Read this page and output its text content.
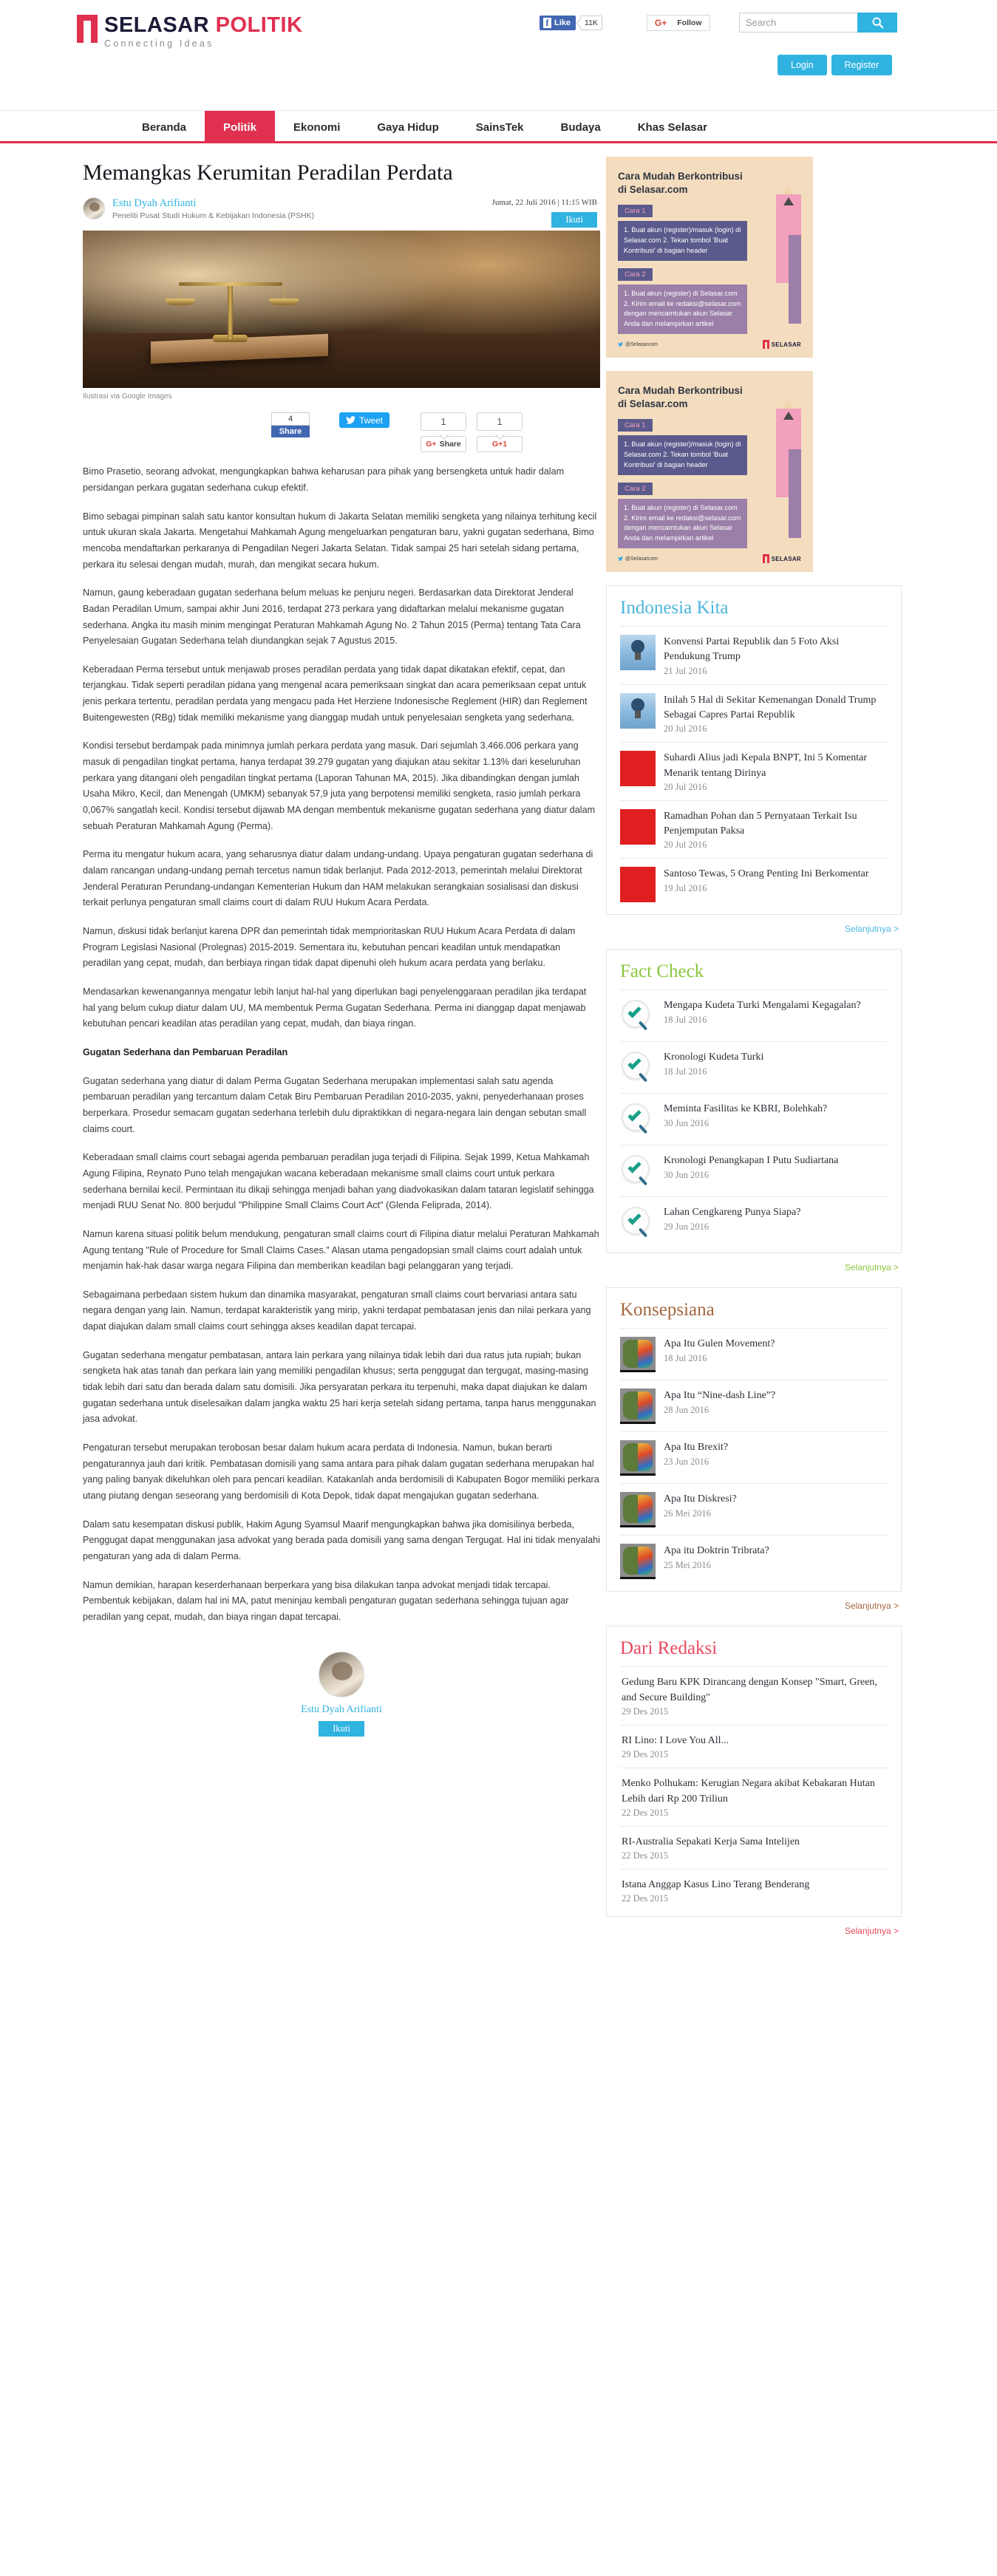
SELASAR POLITIK
Connecting Ideas
f Like	11K	G+ Follow
Search
Login	Register
Beranda	Politik	Ekonomi	Gaya Hidup	SainsTek	Budaya	Khas Selasar
Memangkas Kerumitan Peradilan Perdata
Estu Dyah Arifianti
Peneliti Pusat Studi Hukum & Kebijakan Indonesia (PSHK)
Jumat, 22 Juli 2016 | 11:15 WIB
Ikuti
Ilustrasi via Google Images
4
Share
Tweet	1
G+ Share
1
G+1

Bimo Prasetio, seorang advokat, mengungkapkan bahwa keharusan para pihak yang bersengketa untuk hadir dalam persidangan perkara gugatan sederhana cukup efektif.

Bimo sebagai pimpinan salah satu kantor konsultan hukum di Jakarta Selatan memiliki sengketa yang nilainya terhitung kecil untuk ukuran skala Jakarta. Mengetahui Mahkamah Agung mengeluarkan pengaturan baru, yakni gugatan sederhana, Bimo mencoba mendaftarkan perkaranya di Pengadilan Negeri Jakarta Selatan. Tidak sampai 25 hari setelah sidang pertama, perkara itu selesai dengan mudah, murah, dan mengikat secara hukum.

Namun, gaung keberadaan gugatan sederhana belum meluas ke penjuru negeri. Berdasarkan data Direktorat Jenderal Badan Peradilan Umum, sampai akhir Juni 2016, terdapat 273 perkara yang didaftarkan melalui mekanisme gugatan sederhana. Angka itu masih minim mengingat Peraturan Mahkamah Agung No. 2 Tahun 2015 (Perma) tentang Tata Cara Penyelesaian Gugatan Sederhana telah diundangkan sejak 7 Agustus 2015.

Keberadaan Perma tersebut untuk menjawab proses peradilan perdata yang tidak dapat dikatakan efektif, cepat, dan terjangkau. Tidak seperti peradilan pidana yang mengenal acara pemeriksaan singkat dan acara pemeriksaan cepat untuk jenis perkara tertentu, peradilan perdata yang mengacu pada Het Herziene Indonesische Reglement (HIR) dan Reglement Buitengewesten (RBg) tidak memiliki mekanisme yang dianggap mudah untuk penyelesaian sengketa yang sederhana.

Kondisi tersebut berdampak pada minimnya jumlah perkara perdata yang masuk. Dari sejumlah 3.466.006 perkara yang masuk di pengadilan tingkat pertama, hanya terdapat 39.279 gugatan yang diajukan atau sekitar 1.13% dari keseluruhan perkara yang ditangani oleh pengadilan tingkat pertama (Laporan Tahunan MA, 2015). Jika dibandingkan dengan jumlah Usaha Mikro, Kecil, dan Menengah (UMKM) sebanyak 57,9 juta yang berpotensi memiliki sengketa, rasio jumlah perkara 0,067% sangatlah kecil. Kondisi tersebut dijawab MA dengan membentuk mekanisme gugatan sederhana yang diatur dalam sebuah Peraturan Mahkamah Agung (Perma).

Perma itu mengatur hukum acara, yang seharusnya diatur dalam undang-undang. Upaya pengaturan gugatan sederhana di dalam rancangan undang-undang pernah tercetus namun tidak berlanjut. Pada 2012-2013, pemerintah melalui Direktorat Jenderal Peraturan Perundang-undangan Kementerian Hukum dan HAM melakukan serangkaian sosialisasi dan diskusi terkait perlunya pengaturan small claims court di dalam RUU Hukum Acara Perdata.

Namun, diskusi tidak berlanjut karena DPR dan pemerintah tidak memprioritaskan RUU Hukum Acara Perdata di dalam Program Legislasi Nasional (Prolegnas) 2015-2019. Sementara itu, kebutuhan pencari keadilan untuk mendapatkan peradilan yang cepat, mudah, dan berbiaya ringan tidak dapat dipenuhi oleh hukum acara perdata yang berlaku.

Mendasarkan kewenangannya mengatur lebih lanjut hal-hal yang diperlukan bagi penyelenggaraan peradilan jika terdapat hal yang belum cukup diatur dalam UU, MA membentuk Perma Gugatan Sederhana. Perma ini dianggap dapat menjawab kebutuhan pencari keadilan atas peradilan yang cepat, mudah, dan biaya ringan.

Gugatan Sederhana dan Pembaruan Peradilan

Gugatan sederhana yang diatur di dalam Perma Gugatan Sederhana merupakan implementasi salah satu agenda pembaruan peradilan yang tercantum dalam Cetak Biru Pembaruan Peradilan 2010-2035, yakni, penyederhanaan proses berperkara. Prosedur semacam gugatan sederhana terlebih dulu dipraktikkan di negara-negara lain dengan sebutan small claims court.

Keberadaan small claims court sebagai agenda pembaruan peradilan juga terjadi di Filipina. Sejak 1999, Ketua Mahkamah Agung Filipina, Reynato Puno telah mengajukan wacana keberadaan mekanisme small claims court untuk perkara sederhana bernilai kecil. Permintaan itu dikaji sehingga menjadi bahan yang diadvokasikan dalam tataran legislatif sehingga menjadi RUU Senat No. 800 berjudul "Philippine Small Claims Court Act" (Glenda Feliprada, 2014).

Namun karena situasi politik belum mendukung, pengaturan small claims court di Filipina diatur melalui Peraturan Mahkamah Agung tentang "Rule of Procedure for Small Claims Cases." Alasan utama pengadopsian small claims court adalah untuk menjamin hak-hak dasar warga negara Filipina dan memberikan keadilan bagi pelanggaran yang terjadi.

Sebagaimana perbedaan sistem hukum dan dinamika masyarakat, pengaturan small claims court bervariasi antara satu negara dengan yang lain. Namun, terdapat karakteristik yang mirip, yakni terdapat pembatasan jenis dan nilai perkara yang dapat diajukan dalam small claims court sehingga akses keadilan dapat tercapai.

Gugatan sederhana mengatur pembatasan, antara lain perkara yang nilainya tidak lebih dari dua ratus juta rupiah; bukan sengketa hak atas tanah dan perkara lain yang memiliki pengadilan khusus; serta penggugat dan tergugat, masing-masing tidak lebih dari satu dan berada dalam satu domisili. Jika persyaratan perkara itu terpenuhi, maka dapat diajukan ke dalam gugatan sederhana untuk diselesaikan dalam jangka waktu 25 hari kerja setelah sidang pertama, tanpa harus menggunakan jasa advokat.

Pengaturan tersebut merupakan terobosan besar dalam hukum acara perdata di Indonesia. Namun, bukan berarti pengaturannya jauh dari kritik. Pembatasan domisili yang sama antara para pihak dalam gugatan sederhana merupakan hal yang paling banyak dikeluhkan oleh para pencari keadilan. Katakanlah anda berdomisili di Kabupaten Bogor memiliki perkara utang piutang dengan seseorang yang berdomisili di Kota Depok, tidak dapat mengajukan gugatan sederhana.

Dalam satu kesempatan diskusi publik, Hakim Agung Syamsul Maarif mengungkapkan bahwa jika domisilinya berbeda, Penggugat dapat menggunakan jasa advokat yang berada pada domisili yang sama dengan Tergugat. Hal ini tidak menyalahi pengaturan yang ada di dalam Perma.

Namun demikian, harapan keserderhanaan berperkara yang bisa dilakukan tanpa advokat menjadi tidak tercapai. Pembentuk kebijakan, dalam hal ini MA, patut meninjau kembali pengaturan gugatan sederhana sehingga tujuan agar peradilan yang cepat, mudah, dan biaya ringan dapat tercapai.

Estu Dyah Arifianti
Ikuti
Cara Mudah Berkontribusi di Selasar.com
Cara 1
1. Buat akun (register)/masuk (login) di Selasar.com 2. Tekan tombol 'Buat Kontribusi' di bagian header
Cara 2
1. Buat akun (register) di Selasar.com 2. Kirim email ke redaksi@selasar.com dengan mencamtukan akun Selasar Anda dan melampirkan artikel
@Selasarcom	SELASAR
Cara Mudah Berkontribusi di Selasar.com
Cara 1
1. Buat akun (register)/masuk (login) di Selasar.com 2. Tekan tombol 'Buat Kontribusi' di bagian header
Cara 2
1. Buat akun (register) di Selasar.com 2. Kirim email ke redaksi@selasar.com dengan mencamtukan akun Selasar Anda dan melampirkan artikel
@Selasarcom	SELASAR
Indonesia Kita
Konvensi Partai Republik dan 5 Foto Aksi Pendukung Trump
21 Jul 2016
Inilah 5 Hal di Sekitar Kemenangan Donald Trump Sebagai Capres Partai Republik
20 Jul 2016
Suhardi Alius jadi Kepala BNPT, Ini 5 Komentar Menarik tentang Dirinya
20 Jul 2016
Ramadhan Pohan dan 5 Pernyataan Terkait Isu Penjemputan Paksa
20 Jul 2016
Santoso Tewas, 5 Orang Penting Ini Berkomentar
19 Jul 2016
Selanjutnya >
Fact Check
Mengapa Kudeta Turki Mengalami Kegagalan?
18 Jul 2016
Kronologi Kudeta Turki
18 Jul 2016
Meminta Fasilitas ke KBRI, Bolehkah?
30 Jun 2016
Kronologi Penangkapan I Putu Sudiartana
30 Jun 2016
Lahan Cengkareng Punya Siapa?
29 Jun 2016
Selanjutnya >
Konsepsiana
Apa Itu Gulen Movement?
18 Jul 2016
Apa Itu “Nine-dash Line”?
28 Jun 2016
Apa Itu Brexit?
23 Jun 2016
Apa Itu Diskresi?
26 Mei 2016
Apa itu Doktrin Tribrata?
25 Mei 2016
Selanjutnya >
Dari Redaksi
Gedung Baru KPK Dirancang dengan Konsep "Smart, Green, and Secure Building"
29 Des 2015
RI Lino: I Love You All...
29 Des 2015
Menko Polhukam: Kerugian Negara akibat Kebakaran Hutan Lebih dari Rp 200 Triliun
22 Des 2015
RI-Australia Sepakati Kerja Sama Intelijen
22 Des 2015
Istana Anggap Kasus Lino Terang Benderang
22 Des 2015
Selanjutnya >
